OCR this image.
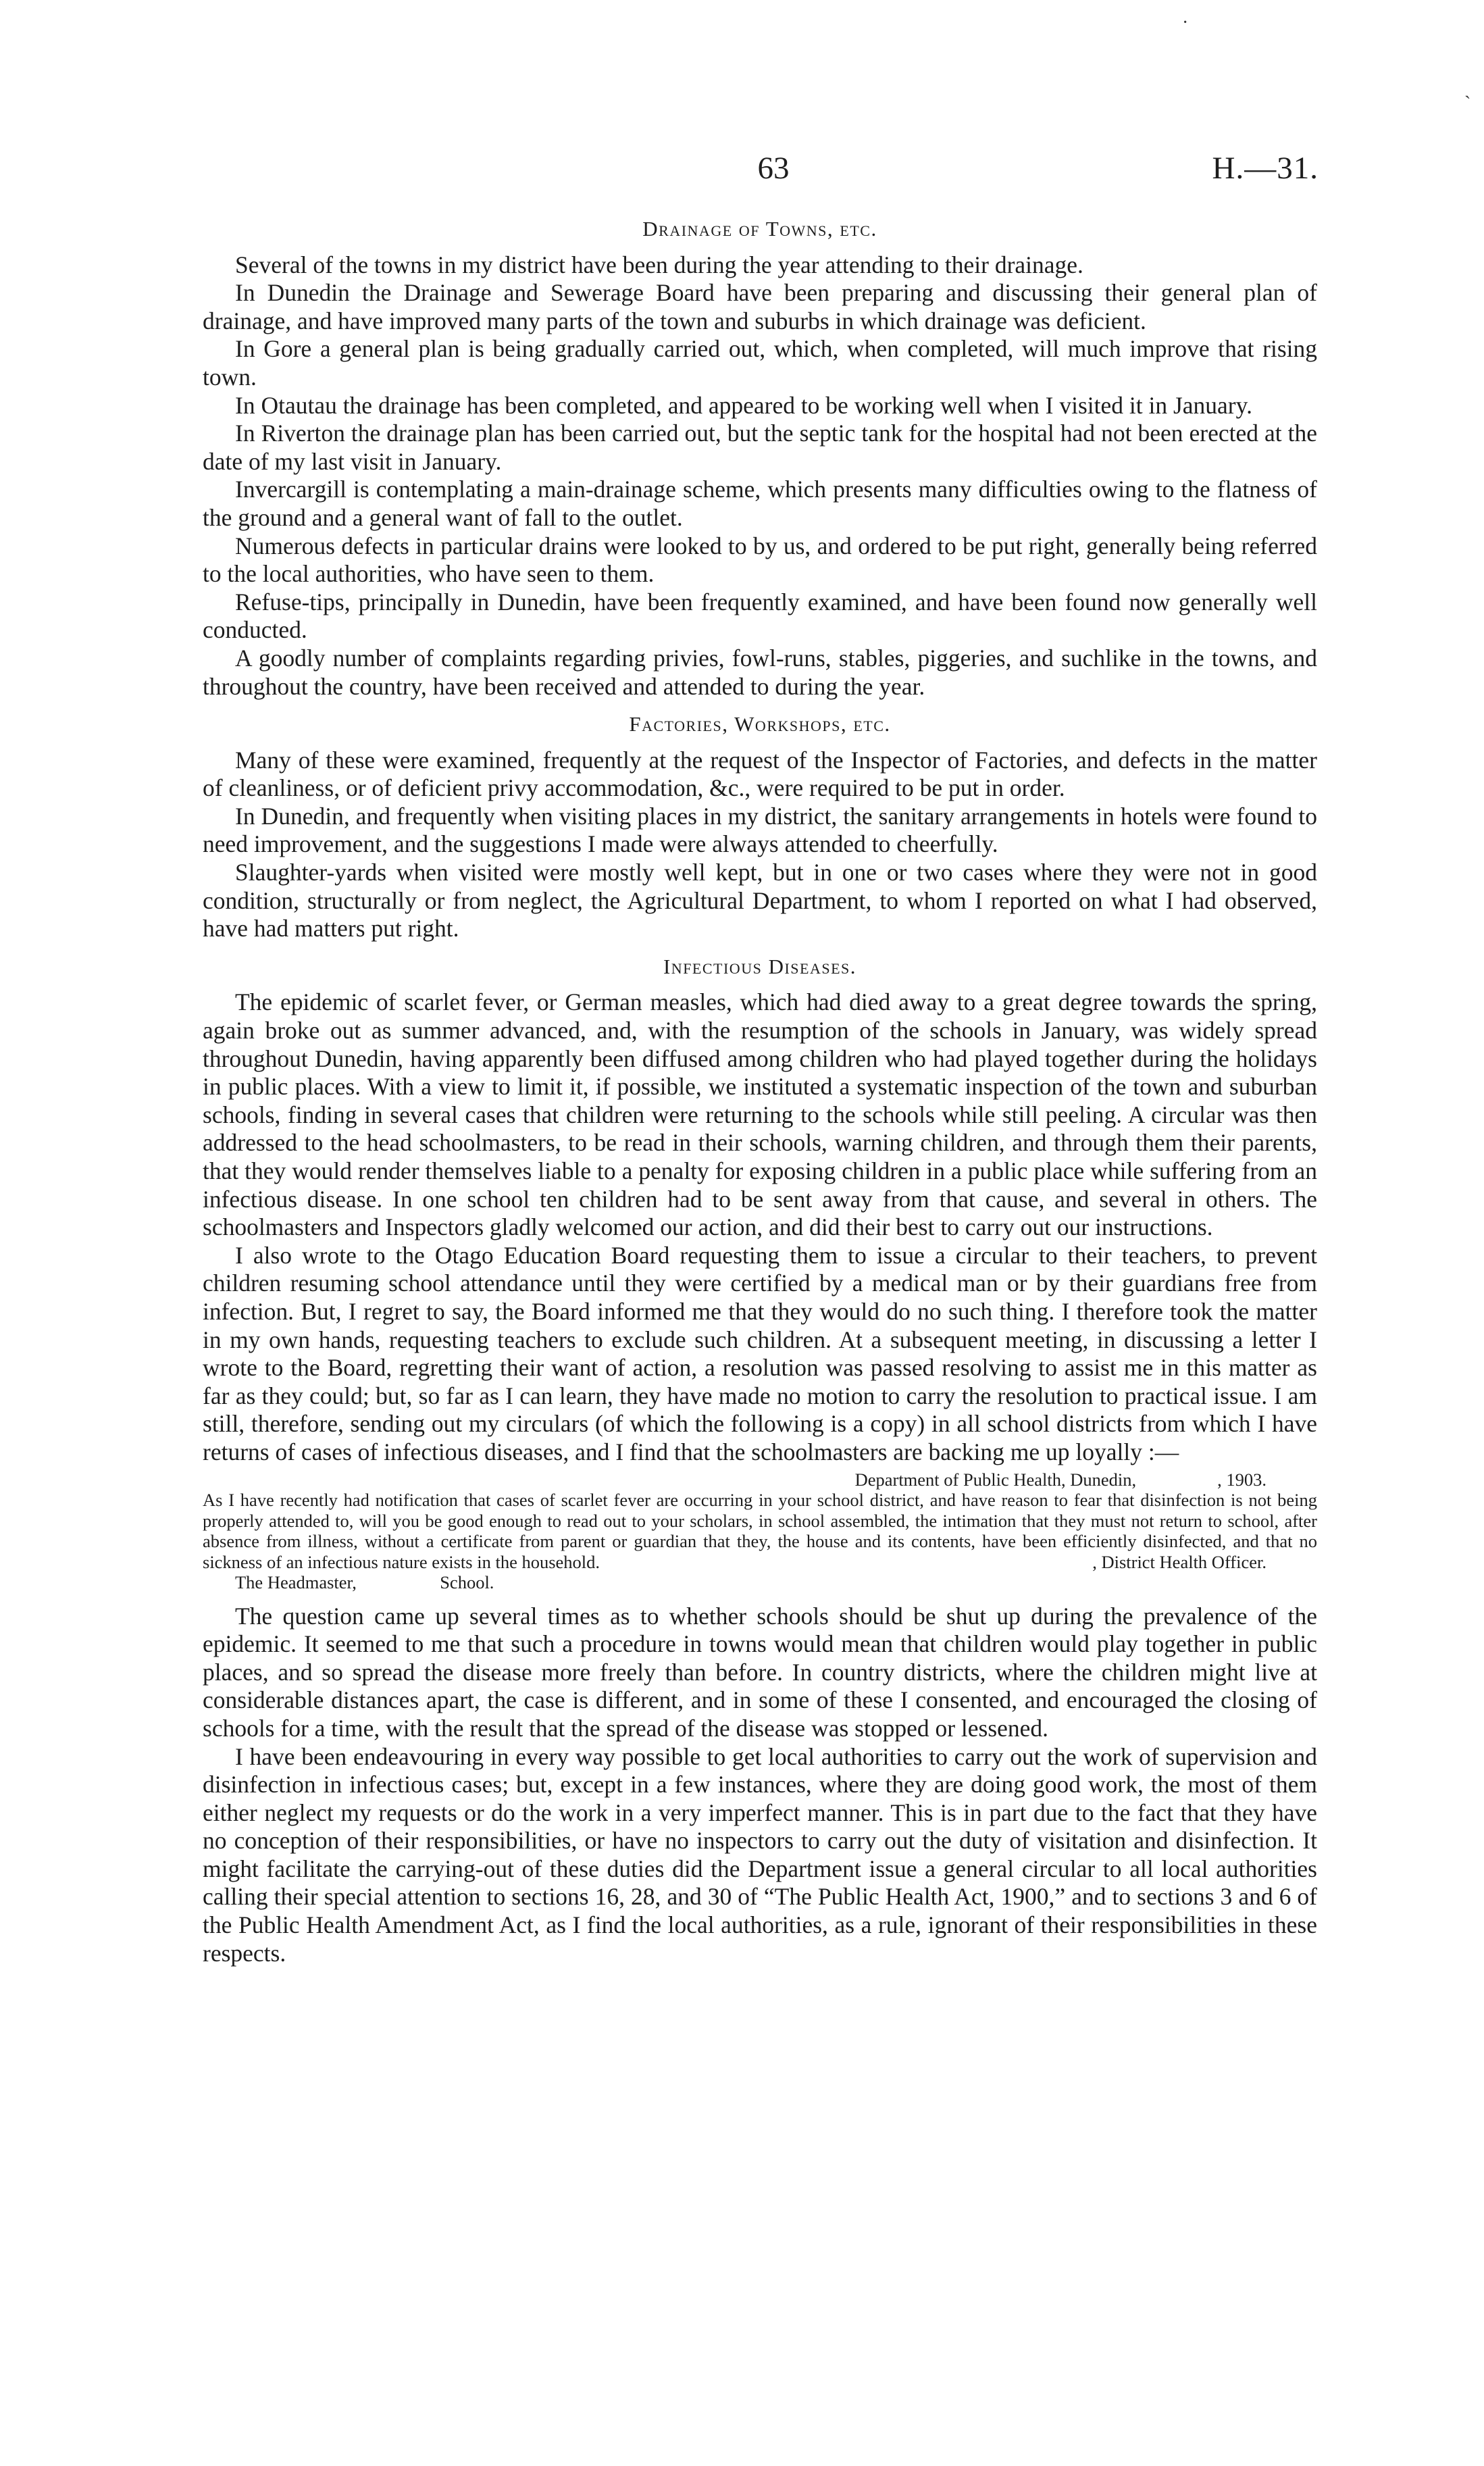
·
˴
63	H.—31.
Drainage of Towns, etc.

Several of the towns in my district have been during the year attending to their drainage.

In Dunedin the Drainage and Sewerage Board have been preparing and discussing their general plan of drainage, and have improved many parts of the town and suburbs in which drainage was deficient.

In Gore a general plan is being gradually carried out, which, when completed, will much improve that rising town.

In Otautau the drainage has been completed, and appeared to be working well when I visited it in January.

In Riverton the drainage plan has been carried out, but the septic tank for the hospital had not been erected at the date of my last visit in January.

Invercargill is contemplating a main-drainage scheme, which presents many difficulties owing to the flatness of the ground and a general want of fall to the outlet.

Numerous defects in particular drains were looked to by us, and ordered to be put right, generally being referred to the local authorities, who have seen to them.

Refuse-tips, principally in Dunedin, have been frequently examined, and have been found now generally well conducted.

A goodly number of complaints regarding privies, fowl-runs, stables, piggeries, and suchlike in the towns, and throughout the country, have been received and attended to during the year.

Factories, Workshops, etc.

Many of these were examined, frequently at the request of the Inspector of Factories, and defects in the matter of cleanliness, or of deficient privy accommodation, &c., were required to be put in order.

In Dunedin, and frequently when visiting places in my district, the sanitary arrangements in hotels were found to need improvement, and the suggestions I made were always attended to cheerfully.

Slaughter-yards when visited were mostly well kept, but in one or two cases where they were not in good condition, structurally or from neglect, the Agricultural Department, to whom I reported on what I had observed, have had matters put right.

Infectious Diseases.

The epidemic of scarlet fever, or German measles, which had died away to a great degree towards the spring, again broke out as summer advanced, and, with the resumption of the schools in January, was widely spread throughout Dunedin, having apparently been diffused among children who had played together during the holidays in public places. With a view to limit it, if possible, we instituted a systematic inspection of the town and suburban schools, finding in several cases that children were returning to the schools while still peeling. A circular was then addressed to the head schoolmasters, to be read in their schools, warning children, and through them their parents, that they would render themselves liable to a penalty for exposing children in a public place while suffering from an infectious disease. In one school ten children had to be sent away from that cause, and several in others. The schoolmasters and Inspectors gladly welcomed our action, and did their best to carry out our instructions.

I also wrote to the Otago Education Board requesting them to issue a circular to their teachers, to prevent children resuming school attendance until they were certified by a medical man or by their guardians free from infection. But, I regret to say, the Board informed me that they would do no such thing. I therefore took the matter in my own hands, requesting teachers to exclude such children. At a subsequent meeting, in discussing a letter I wrote to the Board, regretting their want of action, a resolution was passed resolving to assist me in this matter as far as they could; but, so far as I can learn, they have made no motion to carry the resolution to practical issue. I am still, therefore, sending out my circulars (of which the following is a copy) in all school districts from which I have returns of cases of infectious diseases, and I find that the schoolmasters are backing me up loyally :—

Department of Public Health, Dunedin,	, 1903.
As I have recently had notification that cases of scarlet fever are occurring in your school district, and have reason to fear that disinfection is not being properly attended to, will you be good enough to read out to your scholars, in school assembled, the intimation that they must not return to school, after absence from illness, without a certificate from parent or guardian that they, the house and its contents, have been efficiently disinfected, and that no sickness of an infectious nature exists in the household.	, District Health Officer.
The Headmaster,	School.

The question came up several times as to whether schools should be shut up during the prevalence of the epidemic. It seemed to me that such a procedure in towns would mean that children would play together in public places, and so spread the disease more freely than before. In country districts, where the children might live at considerable distances apart, the case is different, and in some of these I consented, and encouraged the closing of schools for a time, with the result that the spread of the disease was stopped or lessened.

I have been endeavouring in every way possible to get local authorities to carry out the work of supervision and disinfection in infectious cases; but, except in a few instances, where they are doing good work, the most of them either neglect my requests or do the work in a very imperfect manner. This is in part due to the fact that they have no conception of their responsibilities, or have no inspectors to carry out the duty of visitation and disinfection. It might facilitate the carrying-out of these duties did the Department issue a general circular to all local authorities calling their special attention to sections 16, 28, and 30 of “The Public Health Act, 1900,” and to sections 3 and 6 of the Public Health Amendment Act, as I find the local authorities, as a rule, ignorant of their responsibilities in these respects.
